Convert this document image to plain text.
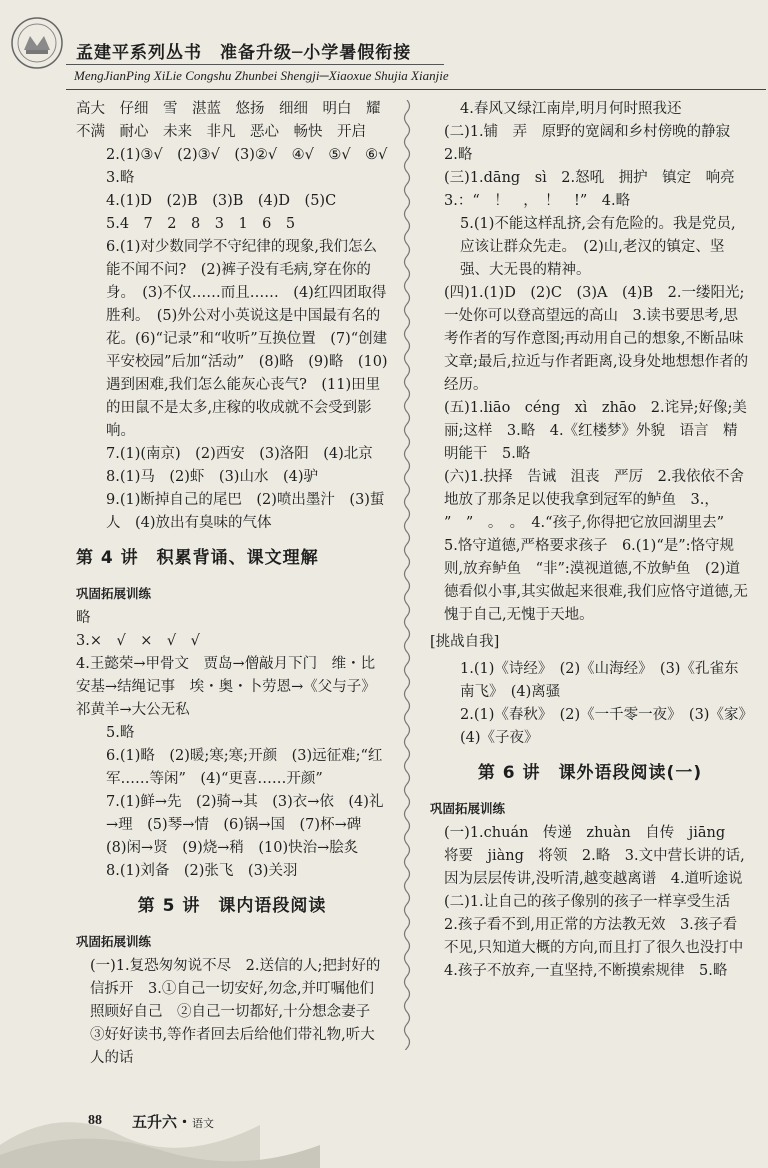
孟建平系列丛书　准备升级─小学暑假衔接
MengJianPing XiLie Congshu Zhunbei Shengji─Xiaoxue Shujia Xianjie

高大　仔细　雪　湛蓝　悠扬　细细　明白　耀　不满　耐心　未来　非凡　恶心　畅快　开启

2.(1)③√　(2)③√　(3)②√　④√　⑤√　⑥√

3.略

4.(1)D　(2)B　(3)B　(4)D　(5)C

5.4　7　2　8　3　1　6　5

6.(1)对少数同学不守纪律的现象,我们怎么能不闻不问?　(2)裤子没有毛病,穿在你的身。　(3)不仅……而且……　(4)红四团取得胜利。　(5)外公对小英说这是中国最有名的花。(6)“记录”和“收听”互换位置　(7)“创建平安校园”后加“活动”　(8)略　(9)略　(10)遇到困难,我们怎么能灰心丧气?　(11)田里的田鼠不是太多,庄稼的收成就不会受到影响。

7.(1)(南京)　(2)西安　(3)洛阳　(4)北京

8.(1)马　(2)虾　(3)山水　(4)驴

9.(1)断掉自己的尾巴　(2)喷出墨汁　(3)蜇人　(4)放出有臭味的气体

第 4 讲　积累背诵、课文理解

巩固拓展训练

略

3.×　√　×　√　√

4.王懿荣→甲骨文　贾岛→僧敲月下门　维・比安基→结绳记事　埃・奥・卜劳恩→《父与子》　祁黄羊→大公无私

5.略

6.(1)略　(2)暖;寒;寒;开颜　(3)远征难;“红军……等闲”　(4)“更喜……开颜”

7.(1)鲜→先　(2)骑→其　(3)衣→依　(4)礼→理　(5)琴→情　(6)锅→国　(7)杯→碑　(8)闲→贤　(9)烧→稍　(10)快治→脍炙

8.(1)刘备　(2)张飞　(3)关羽

第 5 讲　课内语段阅读

巩固拓展训练

(一)1.复恐匆匆说不尽　2.送信的人;把封好的信拆开　3.①自己一切安好,勿念,并叮嘱他们照顾好自己　②自己一切都好,十分想念妻子　③好好读书,等作者回去后给他们带礼物,听大人的话

4.春风又绿江南岸,明月何时照我还

(二)1.铺　弄　原野的宽阔和乡村傍晚的静寂　2.略

(三)1.dāng　sì　2.怒吼　拥护　镇定　响亮　3.：“　！　，　！　!”　4.略

5.(1)不能这样乱挤,会有危险的。我是党员,应该让群众先走。　(2)山,老汉的镇定、坚强、大无畏的精神。

(四)1.(1)D　(2)C　(3)A　(4)B　2.一缕阳光;一处你可以登高望远的高山　3.读书要思考,思考作者的写作意图;再动用自己的想象,不断品味文章;最后,拉近与作者距离,设身处地想想作者的经历。

(五)1.liāo　céng　xì　zhāo　2.诧异;好像;美丽;这样　3.略　4.《红楼梦》外貌　语言　精明能干　5.略

(六)1.抉择　告诫　沮丧　严厉　2.我依依不舍地放了那条足以使我拿到冠军的鲈鱼　3.，　”　”　。　。　4.“孩子,你得把它放回湖里去”　5.恪守道德,严格要求孩子　6.(1)“是”:恪守规则,放弃鲈鱼　“非”:漠视道德,不放鲈鱼　(2)道德看似小事,其实做起来很难,我们应恪守道德,无愧于自己,无愧于天地。

[挑战自我]

1.(1)《诗经》　(2)《山海经》　(3)《孔雀东南飞》　(4)离骚

2.(1)《春秋》　(2)《一千零一夜》　(3)《家》　(4)《子夜》

第 6 讲　课外语段阅读(一)

巩固拓展训练

(一)1.chuán　传递　zhuàn　自传　jiāng　将要　jiàng　将领　2.略　3.文中营长讲的话,因为层层传讲,没听清,越变越离谱　4.道听途说

(二)1.让自己的孩子像别的孩子一样享受生活　2.孩子看不到,用正常的方法教无效　3.孩子看不见,只知道大概的方向,而且打了很久也没打中　4.孩子不放弃,一直坚持,不断摸索规律　5.略

88 五升六・语文
